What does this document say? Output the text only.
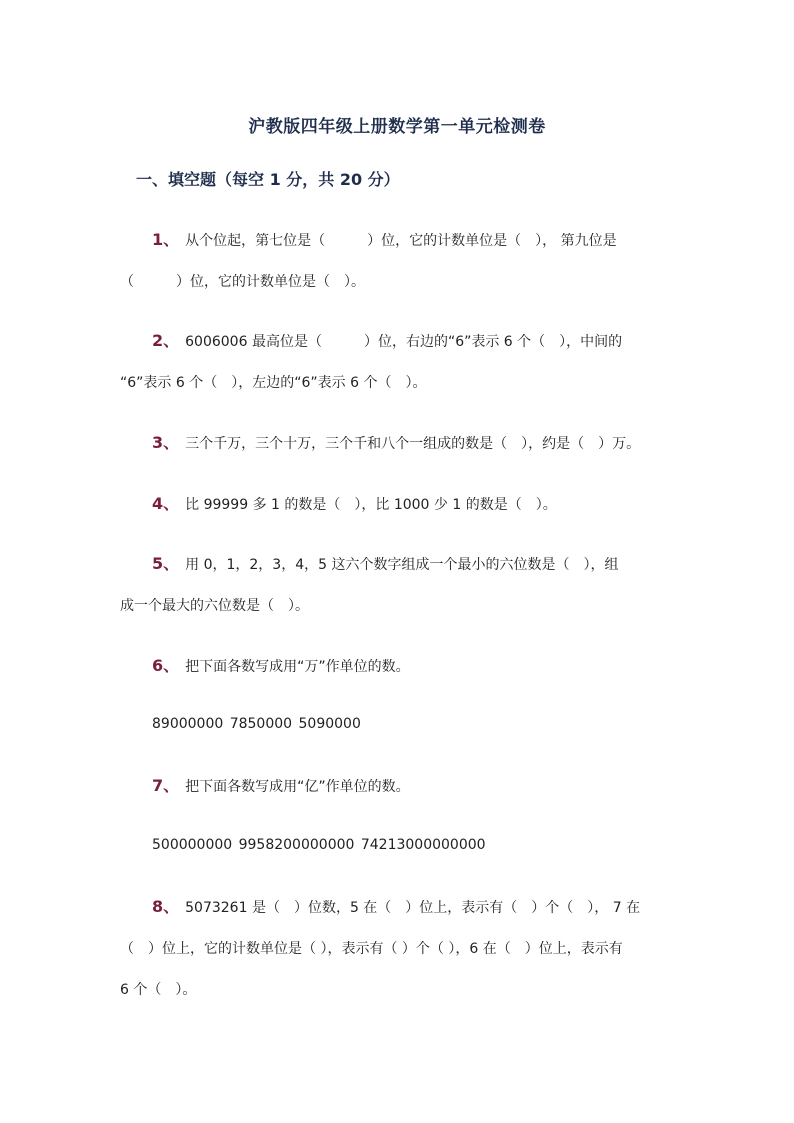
沪教版四年级上册数学第一单元检测卷
一、填空题（每空 1 分，共 20 分）
1、 从个位起，第七位是（　　　）位，它的计数单位是（　）， 第九位是
（　　　）位，它的计数单位是（　）。
2、 6006006 最高位是（　　　）位，右边的“6”表示 6 个（　），中间的
“6”表示 6 个（　），左边的“6”表示 6 个（　）。
3、 三个千万，三个十万，三个千和八个一组成的数是（　），约是（　）万。
4、 比 99999 多 1 的数是（　），比 1000 少 1 的数是（　）。
5、 用 0，1，2，3，4，5 这六个数字组成一个最小的六位数是（　），组
成一个最大的六位数是（　）。
6、 把下面各数写成用“万”作单位的数。
89000000 7850000 5090000
7、 把下面各数写成用“亿”作单位的数。
500000000 9958200000000 74213000000000
8、 5073261 是（　）位数，5 在（　）位上，表示有（　）个（　）， 7 在
（　）位上，它的计数单位是（ ），表示有（ ）个（ ），6 在（　）位上，表示有
6 个（　）。
